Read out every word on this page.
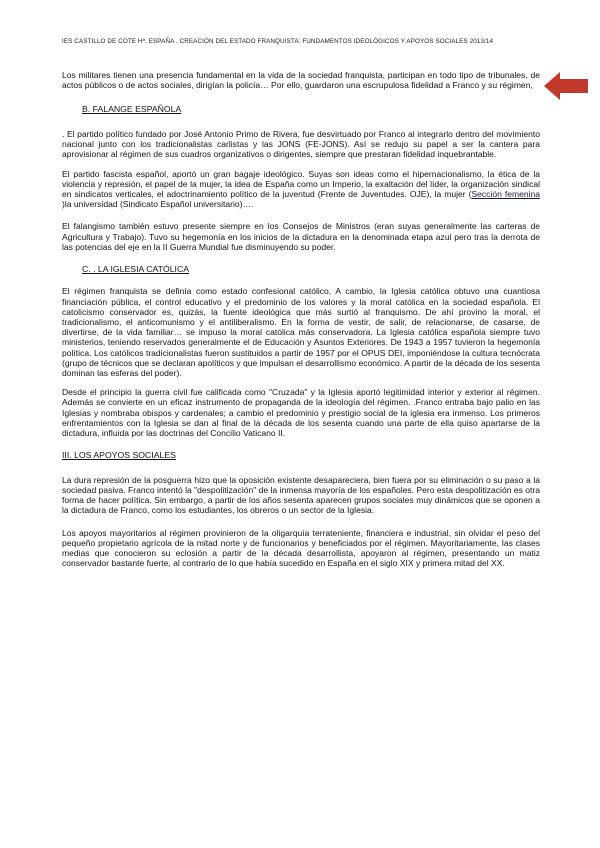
IES CASTILLO DE COTE Hª. ESPAÑA . CREACIÓN DEL ESTADO FRANQUISTA: FUNDAMENTOS IDEOLÓGICOS Y APOYOS SOCIALES 2013/14

Los militares tienen una presencia fundamental en la vida de la sociedad franquista, participan en todo tipo de tribunales, de actos públicos o de actos sociales, dirigían la policía… Por ello, guardaron una escrupulosa fidelidad a Franco y su régimen,

B. FALANGE ESPAÑOLA

. El partido político fundado por José Antonio Primo de Rivera, fue desvirtuado por Franco al integrarlo dentro del movimiento nacional junto con los tradicionalistas carlistas y las JONS (FE-JONS). Así se redujo su papel a ser la cantera para aprovisionar al régimen de sus cuadros organizativos o dirigentes, siempre que prestaran fidelidad inquebrantable.

El partido fascista español, aportó un gran bagaje ideológico. Suyas son ideas como el hipernacionalismo, la ética de la violencia y represión, el papel de la mujer, la idea de España como un Imperio, la exaltación del líder, la organización sindical en sindicatos verticales, el adoctrinamiento político de la juventud (Frente de Juventudes. OJE), la mujer (Sección femenina )la universidad (Sindicato Español universitario)….

El falangismo también estuvo presente siempre en los Consejos de Ministros (eran suyas generalmente las carteras de Agricultura y Trabajo). Tuvo su hegemonía en los inicios de la dictadura en la denominada etapa azul pero tras la derrota de las potencias del eje en la II Guerra Mundial fue disminuyendo su poder.

C. . LA IGLESIA CATÓLICA

El régimen franquista se definía como estado confesional católico, A cambio, la Iglesia católica obtuvo una cuantiosa financiación pública, el control educativo y el predominio de los valores y la moral católica en la sociedad española. El catolicismo conservador es, quizás, la fuente ideológica que más surtió al franquismo. De ahí provino la moral, el tradicionalismo, el anticomunismo y el antiliberalismo. En la forma de vestir, de salir, de relacionarse, de casarse, de divertirse, de la vida familiar… se impuso la moral católica más conservadora. La Iglesia católica española siempre tuvo ministerios, teniendo reservados generalmente el de Educación y Asuntos Exteriores. De 1943 a 1957 tuvieron la hegemonía política. Los católicos tradicionalistas fueron sustituidos a partir de 1957 por el OPUS DEI, imponiéndose la cultura tecnócrata (grupo de técnicos que se declaran apolíticos y que impulsan el desarrollismo económico. A partir de la década de los sesenta dominan las esferas del poder).

Desde el principio la guerra civil fue calificada como "Cruzada" y la Iglesia aportó legitimidad interior y exterior al régimen. Además se convierte en un eficaz instrumento de propaganda de la ideología del régimen. .Franco entraba bajo palio en las Iglesias y nombraba obispos y cardenales; a cambio el predominio y prestigio social de la iglesia era inmenso. Los primeros enfrentamientos con la Iglesia se dan al final de la década de los sesenta cuando una parte de ella quiso apartarse de la dictadura, influida por las doctrinas del Concilio Vaticano II.

III. LOS APOYOS SOCIALES

La dura represión de la posguerra hizo que la oposición existente desapareciera, bien fuera por su eliminación o su paso a la sociedad pasiva. Franco intentó la "despolitización" de la inmensa mayoría de los españoles. Pero esta despolitización es otra forma de hacer política. Sin embargo, a partir de los años sesenta aparecen grupos sociales muy dinámicos que se oponen a la dictadura de Franco, como los estudiantes, los obreros o un sector de la Iglesia.

Los apoyos mayoritarios al régimen provinieron de la oligarquía terrateniente, financiera e industrial, sin olvidar el peso del pequeño propietario agrícola de la mitad norte y de funcionarios y beneficiados por el régimen. Mayoritariamente, las clases medias que conocieron su eclosión a partir de la década desarrollista, apoyaron al régimen, presentando un matiz conservador bastante fuerte, al contrario de lo que había sucedido en España en el siglo XIX y primera mitad del XX.
